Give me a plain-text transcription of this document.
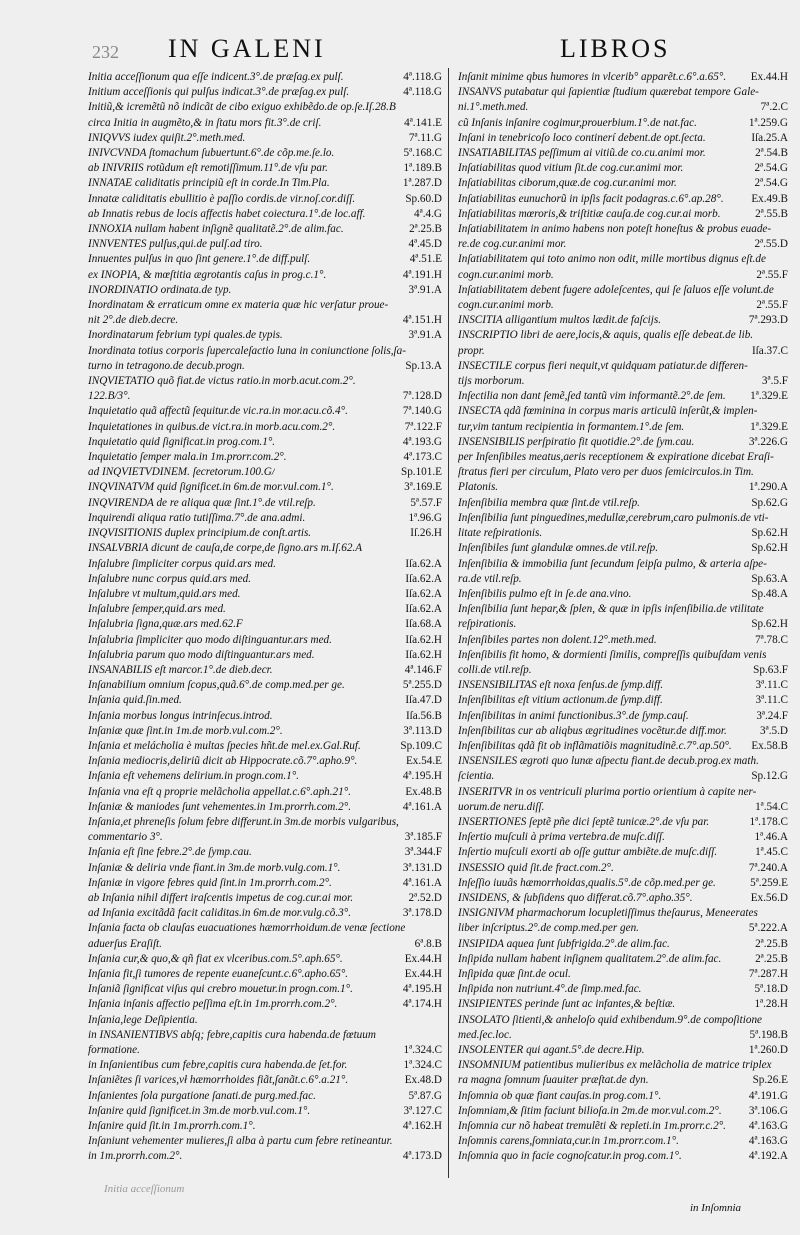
232 IN GALENI	LIBROS
Initia acceſſionum qua eſſe indicent.3°.de præſag.ex pulſ.	4ª.118.G
Initium acceſſionis qui pulſus indicat.3°.de præſag.ex pulſ.	4ª.118.G
Initiũ,& icremẽtũ nõ indicãt de cibo exiguo exhibẽdo.de op.ſe.Iſ.28.B
circa Initia in augmẽto,& in ſtatu mors fit.3°.de criſ.	4ª.141.E
INIQVVS iudex quiſit.2°.meth.med.	7ª.11.G
INIVCVNDA ſtomachum ſubuertunt.6°.de cõp.me.ſe.lo.	5ª.168.C
ab INIVRIIS rotũdum eſt remotiſſimum.11°.de vſu par.	1ª.189.B
INNATAE caliditatis principiũ eſt in corde.In Tim.Pla.	1ª.287.D
Innatæ caliditatis ebullitio è paſſio cordis.de vir.noſ.cor.diſſ.	Sp.60.D
ab Innatis rebus de locis affectis habet coiectura.1°.de loc.aff.	4ª.4.G
INNOXIA nullam habent inſignẽ qualitatẽ.2°.de alim.fac.	2ª.25.B
INNVENTES pulſus,qui.de pulſ.ad tiro.	4ª.45.D
Innuentes pulſus in quo ſint genere.1°.de diff.pulſ.	4ª.51.E
ex INOPIA, & mœſtitia ægrotantis caſus in prog.c.1°.	4ª.191.H
INORDINATIO ordinata.de typ.	3ª.91.A
Inordinatam & erraticum omne ex materia quæ hic verſatur proue-
nit 2°.de dieb.decre.	4ª.151.H
Inordinatarum febrium typi quales.de typis.	3ª.91.A
Inordinata totius corporis ſupercaleſactio luna in coniunctione ſolis,ſa-
turno in tetragono.de decub.progn.	Sp.13.A
INQVIETATIO quõ fiat.de victus ratio.in morb.acut.com.2°.
122.B/3°.	7ª.128.D
Inquietatio quã affectũ ſequitur.de vic.ra.in mor.acu.cõ.4°.	7ª.140.G
Inquietationes in quibus.de vict.ra.in morb.acu.com.2°.	7ª.122.F
Inquietatio quid ſignificat.in prog.com.1°.	4ª.193.G
Inquietatio ſemper mala.in 1m.prorr.com.2°.	4ª.173.C
ad INQVIETVDINEM. ſecretorum.100.G/	Sp.101.E
INQVINATVM quid ſignificet.in 6m.de mor.vul.com.1°.	3ª.169.E
INQVIRENDA de re aliqua quæ ſint.1°.de vtil.reſp.	5ª.57.F
Inquirendi aliqua ratio tutiſſima.7°.de ana.admi.	1ª.96.G
INQVISITIONIS duplex principium.de conſt.artis.	Iſ.26.H
INSALVBRIA dicunt de cauſa,de corpe,de ſigno.ars m.Iſ.62.A
Inſalubre ſimpliciter corpus quid.ars med.	Iſa.62.A
Inſalubre nunc corpus quid.ars med.	Iſa.62.A
Inſalubre vt multum,quid.ars med.	Iſa.62.A
Inſalubre ſemper,quid.ars med.	Iſa.62.A
Inſalubria ſigna,quæ.ars med.62.F	Iſa.68.A
Inſalubria ſimpliciter quo modo diſtinguantur.ars med.	Iſa.62.H
Inſalubria parum quo modo diſtinguantur.ars med.	Iſa.62.H
INSANABILIS eſt marcor.1°.de dieb.decr.	4ª.146.F
Inſanabilium omnium ſcopus,quã.6°.de comp.med.per ge.	5ª.255.D
Inſania quid.ſin.med.	Iſa.47.D
Inſania morbus longus intrinſecus.introd.	Iſa.56.B
Inſaniæ quæ ſint.in 1m.de morb.vul.com.2°.	3ª.113.D
Inſania et melácholia è multas ſpecies hñt.de mel.ex.Gal.Ruf.	Sp.109.C
Inſania mediocris,deliriũ dicit ab Hippocrate.cõ.7°.apho.9°.	Ex.54.E
Inſania eſt vehemens delirium.in progn.com.1°.	4ª.195.H
Inſania vna eſt q proprie melãcholia appellat.c.6°.aph.21°.	Ex.48.B
Inſaniæ & maniodes ſunt vehementes.in 1m.prorrh.com.2°.	4ª.161.A
Inſania,et phreneſis ſolum febre differunt.in 3m.de morbis vulgaribus,
commentario 3°.	3ª.185.F
Inſania eſt ſine febre.2°.de ſymp.cau.	3ª.344.F
Inſaniæ & deliria vnde fiant.in 3m.de morb.vulg.com.1°.	3ª.131.D
Inſaniæ in vigore febres quid ſint.in 1m.prorrh.com.2°.	4ª.161.A
ab Inſania nihil differt iraſcentis impetus de cog.cur.ai mor.	2ª.52.D
ad Inſania excitãdã facit caliditas.in 6m.de mor.vulg.cõ.3°.	3ª.178.D
Inſania facta ob clauſas euacuationes hæmorrhoidum.de venæ ſectione
aduerſus Eraſiſt.	6ª.8.B
Inſania cur,& quo,& qñ fiat ex vlceribus.com.5°.aph.65°.	Ex.44.H
Inſania fit,ſi tumores de repente euaneſcunt.c.6°.apho.65°.	Ex.44.H
Inſaniã ſignificat viſus qui crebro mouetur.in progn.com.1°.	4ª.195.H
Inſania inſanis affectio peſſima eſt.in 1m.prorrh.com.2°.	4ª.174.H
Inſania,lege Deſipientia.
in INSANIENTIBVS abſq; febre,capitis cura habenda.de fœtuum
formatione.	1ª.324.C
in Inſanientibus cum febre,capitis cura habenda.de ſet.for.	1ª.324.C
Inſaniẽtes ſi varices,vł hæmorrhoides fiãt,ſanãt.c.6°.a.21°.	Ex.48.D
Inſanientes ſola purgatione ſanati.de purg.med.fac.	5ª.87.G
Inſanire quid ſignificet.in 3m.de morb.vul.com.1°.	3ª.127.C
Inſanire quid ſit.in 1m.prorrh.com.1°.	4ª.162.H
Inſaniunt vehementer mulieres,ſi alba à partu cum febre retineantur.
in 1m.prorrh.com.2°.	4ª.173.D
Inſanit minime qbus humores in vlcerib° apparẽt.c.6°.a.65°. Ex.44.H
INSANVS putabatur qui ſapientiæ ſtudium quærebat tempore Gale-
ni.1°.meth.med.	7ª.2.C
cũ Inſanis inſanire cogimur,prouerbium.1°.de nat.fac.	1ª.259.G
Inſani in tenebricoſo loco continerí debent.de opt.ſecta.	Iſa.25.A
INSATIABILITAS peſſimum ai vitiũ.de co.cu.animi mor.	2ª.54.B
Inſatiabilitas quod vitium ſit.de cog.cur.animi mor.	2ª.54.G
Inſatiabilitas ciborum,quæ.de cog.cur.animi mor.	2ª.54.G
Inſatiabilitas eunuchorũ in ipſis facit podagras.c.6°.ap.28°. Ex.49.B
Inſatiabilitas mœroris,& triſtitiæ cauſa.de cog.cur.ai morb.	2ª.55.B
Inſatiabilitatem in animo habens non poteſt honeſtus & probus euade-
re.de cog.cur.animi mor.	2ª.55.D
Inſatiabilitatem qui toto animo non odit, mille mortibus dignus eſt.de
cogn.cur.animi morb.	2ª.55.F
Inſatiabilitatem debent fugere adoleſcentes, qui ſe ſaluos eſſe volunt.de
cogn.cur.animi morb.	2ª.55.F
INSCITIA alligantium multos lædit.de faſcijs.	7ª.293.D
INSCRIPTIO libri de aere,locis,& aquis, qualis eſſe debeat.de lib.
propr.	Iſa.37.C
INSECTILE corpus fieri nequit,vt quidquam patiatur.de differen-
tijs morborum.	3ª.5.F
Inſectilia non dant ſemẽ,ſed tantũ vim informantẽ.2°.de ſem. 1ª.329.E
INSECTA qdã fœminina in corpus maris articulũ inſerũt,& implen-
tur,vim tantum recipientia in formantem.1°.de ſem.	1ª.329.E
INSENSIBILIS perſpiratio fit quotidie.2°.de ſym.cau.	3ª.226.G
per Inſenſibiles meatus,aeris receptionem & expiratione dicebat Eraſi-
ſtratus fieri per circulum, Plato vero per duos ſemicirculos.in Tim.
Platonis.	1ª.290.A
Inſenſibilia membra quæ ſint.de vtil.reſp.	Sp.62.G
Inſenſibilia ſunt pinguedines,medullæ,cerebrum,caro pulmonis.de vti-
litate reſpirationis.	Sp.62.H
Inſenſibiles ſunt glandulæ omnes.de vtil.reſp.	Sp.62.H
Inſenſibilia & immobilia ſunt ſecundum ſeipſa pulmo, & arteria aſpe-
ra.de vtil.reſp.	Sp.63.A
Inſenſibilis pulmo eſt in ſe.de ana.vino.	Sp.48.A
Inſenſibilia ſunt hepar,& ſplen, & quæ in ipſis inſenſibilia.de vtilitate
reſpirationis.	Sp.62.H
Inſenſibiles partes non dolent.12°.meth.med.	7ª.78.C
Inſenſibilis fit homo, & dormienti ſimilis, compreſſis quibuſdam venis
colli.de vtil.reſp.	Sp.63.F
INSENSIBILITAS eſt noxa ſenſus.de ſymp.diff.	3ª.11.C
Inſenſibilitas eſt vitium actionum.de ſymp.diff.	3ª.11.C
Inſenſibilitas in animi functionibus.3°.de ſymp.cauſ.	3ª.24.F
Inſenſibilitas cur ab aliqbus ægritudines vocẽtur.de diff.mor.	3ª.5.D
Inſenſibilitas qdã fit ob inflãmatiõis magnitudinẽ.c.7°.ap.50°. Ex.58.B
INSENSILES ægroti quo lunæ aſpectu fiant.de decub.prog.ex math.
ſcientia.	Sp.12.G
INSERITVR in os ventriculi plurima portio orientium à capite ner-
uorum.de neru.diſſ.	1ª.54.C
INSERTIONES ſeptẽ pñe dici ſeptẽ tunicæ.2°.de vſu par.	1ª.178.C
Inſertio muſculi à prima vertebra.de muſc.diſſ.	1ª.46.A
Inſertio muſculi exorti ab oſſe guttur ambiẽte.de muſc.diſſ.	1ª.45.C
INSESSIO quid ſit.de fract.com.2°.	7ª.240.A
Inſeſſio iuuãs hæmorrhoidas,qualis.5°.de cõp.med.per ge.	5ª.259.E
INSIDENS, & ſubſidens quo differat.cõ.7°.apho.35°.	Ex.56.D
INSIGNIVM pharmachorum locupletiſſimus theſaurus, Meneerates
liber inſcriptus.2°.de comp.med.per gen.	5ª.222.A
INSIPIDA aquea ſunt ſubfrigida.2°.de alim.fac.	2ª.25.B
Inſipida nullam habent inſignem qualitatem.2°.de alim.fac.	2ª.25.B
Inſipida quæ ſint.de ocul.	7ª.287.H
Inſipida non nutriunt.4°.de ſimp.med.fac.	5ª.18.D
INSIPIENTES perinde ſunt ac infantes,& beſtiæ.	1ª.28.H
INSOLATO ſitienti,& anheloſo quid exhibendum.9°.de compoſitione
med.ſec.loc.	5ª.198.B
INSOLENTER qui agant.5°.de decre.Hip.	1ª.260.D
INSOMNIUM patientibus mulieribus ex melãcholia de matrice triplex
ra magna ſomnum ſuauiter præſtat.de dyn.	Sp.26.E
Inſomnia ob quæ fiant cauſas.in prog.com.1°.	4ª.191.G
Inſomniam,& ſitim faciunt bilioſa.in 2m.de mor.vul.com.2°. 3ª.106.G
Inſomnia cur nõ habeat tremulẽti & repleti.in 1m.prorr.c.2°. 4ª.163.G
Inſomnis carens,ſomniata,cur.in 1m.prorr.com.1°.	4ª.163.G
Inſomnia quo in facie cognoſcatur.in prog.com.1°.	4ª.192.A
Initia acceſſionum
in Inſomnia
